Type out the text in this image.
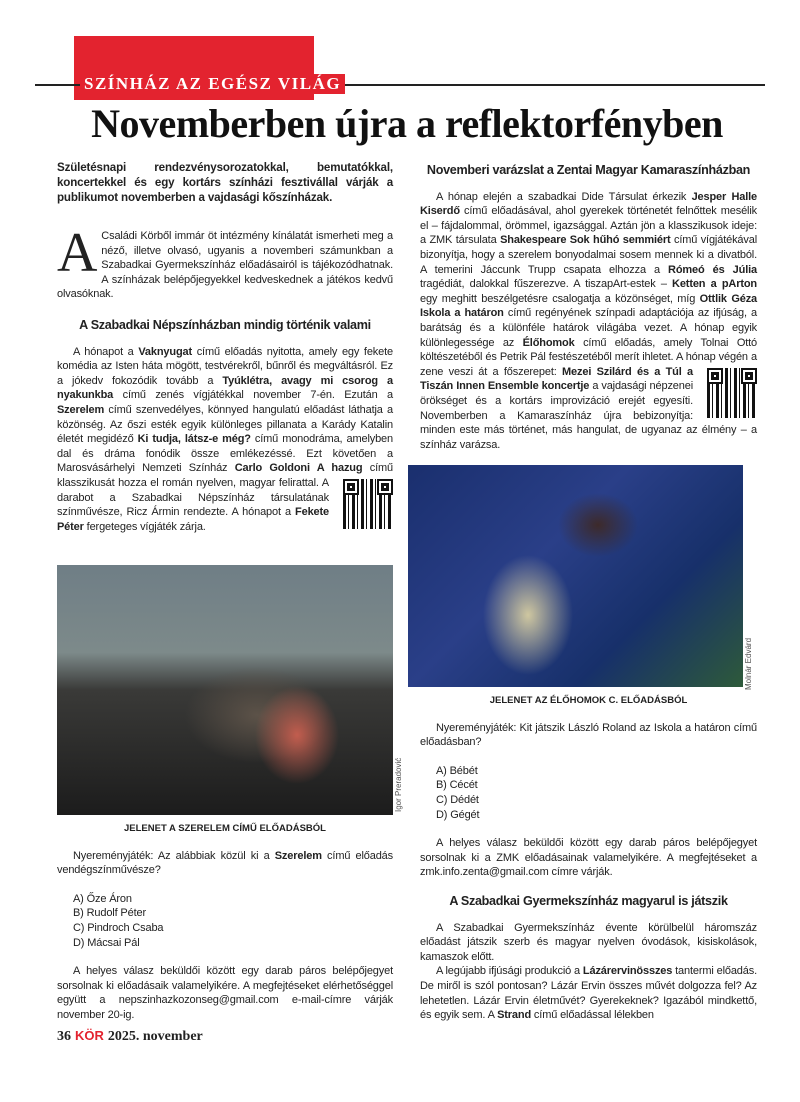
SZÍNHÁZ AZ EGÉSZ VILÁG
Novemberben újra a reflektorfényben

Születésnapi rendezvénysorozatokkal, bemutatókkal, koncertekkel és egy kortárs színházi fesztivállal várják a publikumot novemberben a vajdasági kőszínházak.

A Családi Körből immár öt intézmény kínálatát ismerheti meg a néző, illetve olvasó, ugyanis a novemberi számunkban a Szabadkai Gyermekszínház előadásairól is tájékozódhatnak. A színházak belépőjegyekkel kedveskednek a játékos kedvű olvasóknak.

A Szabadkai Népszínházban mindig történik valami

A hónapot a Vaknyugat című előadás nyitotta, amely egy fekete komédia az Isten háta mögött, testvérekről, bűnről és megváltásról. Ez a jókedv fokozódik tovább a Tyúklétra, avagy mi csorog a nyakunkba című zenés vígjátékkal november 7-én. Ezután a Szerelem című szenvedélyes, könnyed hangulatú előadást láthatja a közönség. Az őszi esték egyik különleges pillanata a Karády Katalin életét megidéző Ki tudja, látsz-e még? című monodráma, amelyben dal és dráma fonódik össze emlékezéssé. Ezt követően a Marosvásárhelyi Nemzeti Színház Carlo Goldoni A hazug című klasszikusát hozza el román nyelven, magyar felirattal. A darabot a Szabadkai Népszínház társulatának színművésze, Ricz Ármin rendezte. A hónapot a Fekete Péter fergeteges vígjáték zárja.

Igor Preradović

JELENET A SZERELEM CÍMŰ ELŐADÁSBÓL

Nyereményjáték: Az alábbiak közül ki a Szerelem című előadás vendégszínművésze?

A) Őze Áron
B) Rudolf Péter
C) Pindroch Csaba
D) Mácsai Pál

A helyes válasz beküldői között egy darab páros belépőjegyet sorsolnak ki előadásaik valamelyikére. A megfejtéseket elérhetőséggel együtt a nepszinhazkozonseg@gmail.com e-mail-címre várják november 20-ig.

36 KÖR 2025. november

Novemberi varázslat a Zentai Magyar Kamaraszínházban

A hónap elején a szabadkai Dide Társulat érkezik Jesper Halle Kiserdő című előadásával, ahol gyerekek történetét felnőttek mesélik el – fájdalommal, örömmel, igazsággal. Aztán jön a klasszikusok ideje: a ZMK társulata Shakespeare Sok hűhó semmiért című vígjátékával bizonyítja, hogy a szerelem bonyodalmai sosem mennek ki a divatból. A temerini Jáccunk Trupp csapata elhozza a Rómeó és Júlia tragédiát, dalokkal fűszerezve. A tiszapArt-estek – Ketten a pArton egy meghitt beszélgetésre csalogatja a közönséget, míg Ottlik Géza Iskola a határon című regényének színpadi adaptációja az ifjúság, a barátság és a különféle határok világába vezet. A hónap egyik különlegessége az Élőhomok című előadás, amely Tolnai Ottó költészetéből és Petrik Pál festészetéből merít ihletet. A hónap végén a zene veszi át a főszerepet: Mezei Szilárd és a Túl a Tiszán Innen Ensemble koncertje a vajdasági népzenei örökséget és a kortárs improvizáció erejét egyesíti. Novemberben a Kamaraszínház újra bebizonyítja: minden este más történet, más hangulat, de ugyanaz az élmény – a színház varázsa.

Molnár Edvárd

JELENET AZ ÉLŐHOMOK C. ELŐADÁSBÓL

Nyereményjáték: Kit játszik László Roland az Iskola a határon című előadásban?

A) Bébét
B) Cécét
C) Dédét
D) Gégét

A helyes válasz beküldői között egy darab páros belépőjegyet sorsolnak ki a ZMK előadásainak valamelyikére. A megfejtéseket a zmk.info.zenta@gmail.com címre várják.

A Szabadkai Gyermekszínház magyarul is játszik

A Szabadkai Gyermekszínház évente körülbelül háromszáz előadást játszik szerb és magyar nyelven óvodások, kisiskolások, kamaszok előtt.

A legújabb ifjúsági produkció a Lázárervinösszes tantermi előadás. De miről is szól pontosan? Lázár Ervin összes művét dolgozza fel? Az lehetetlen. Lázár Ervin életművét? Gyerekeknek? Igazából mindkettő, és egyik sem. A Strand című előadással lélekben
